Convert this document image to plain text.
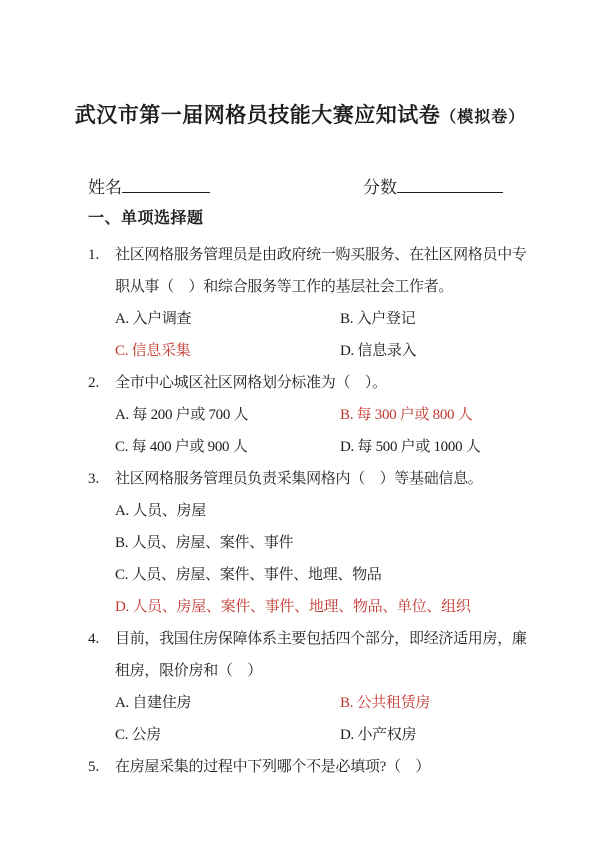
武汉市第一届网格员技能大赛应知试卷（模拟卷）
姓名	分数
一、单项选择题
1.	社区网格服务管理员是由政府统一购买服务、在社区网格员中专职从事（　）和综合服务等工作的基层社会工作者。
A. 入户调查	B. 入户登记
C. 信息采集	D. 信息录入
2.	全市中心城区社区网格划分标准为（　）。
A. 每 200 户或 700 人	B. 每 300 户或 800 人
C. 每 400 户或 900 人	D. 每 500 户或 1000 人
3.	社区网格服务管理员负责采集网格内（　）等基础信息。
A. 人员、房屋
B. 人员、房屋、案件、事件
C. 人员、房屋、案件、事件、地理、物品
D. 人员、房屋、案件、事件、地理、物品、单位、组织
4.	目前，我国住房保障体系主要包括四个部分，即经济适用房，廉租房，限价房和（　）
A. 自建住房	B. 公共租赁房
C. 公房	D. 小产权房
5.	在房屋采集的过程中下列哪个不是必填项?（　）
